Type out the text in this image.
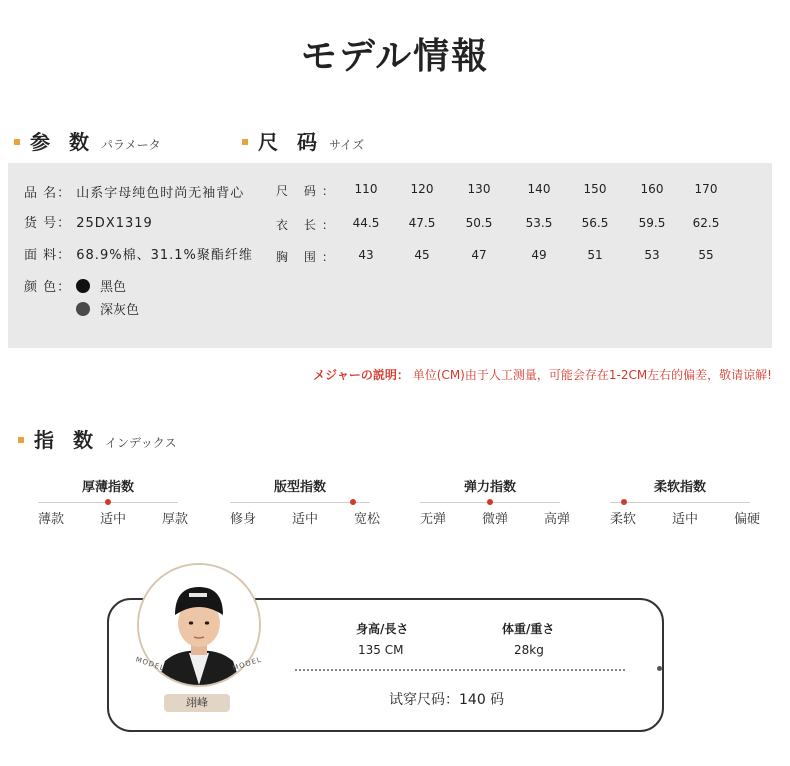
モデル情報
参 数 パラメータ	尺 码 サイズ
品 名： 山系字母纯色时尚无袖背心
货 号： 25DX1319
面 料： 68.9%棉、31.1%聚酯纤维
颜 色： 黑色
深灰色
尺 码：	110	120	130	140	150	160	170
衣 长：	44.5	47.5	50.5	53.5	56.5	59.5	62.5
胸 围：	43	45	47	49	51	53	55
メジャーの説明： 单位(CM)由于人工测量，可能会存在1-2CM左右的偏差，敬请谅解!
指 数 インデックス
厚薄指数
薄款	适中	厚款
版型指数
修身	适中	宽松
弹力指数
无弹	微弹	高弹
柔软指数
柔软	适中	偏硬
MODEL	MODEL
翊峰
身高/長さ
135 CM
体重/重さ
28kg
试穿尺码：140 码
